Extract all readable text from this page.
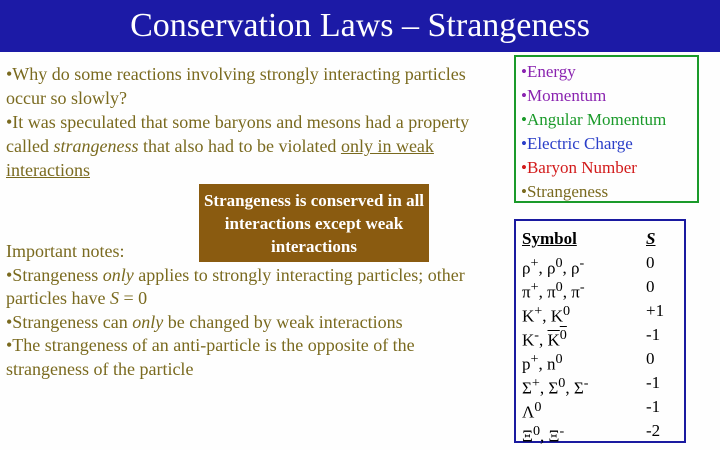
Conservation Laws – Strangeness

•Why do some reactions involving strongly interacting particles occur so slowly?

•It was speculated that some baryons and mesons had a property called strangeness that also had to be violated only in weak interactions

Strangeness is conserved in all interactions except weak interactions

Important notes:

•Strangeness only applies to strongly interacting particles; other particles have S = 0

•Strangeness can only be changed by weak interactions

•The strangeness of an anti-particle is the opposite of the strangeness of the particle

•Energy
•Momentum
•Angular Momentum
•Electric Charge
•Baryon Number
•Strangeness
Symbol	S
ρ+, $\rho^0$, ρ-	0
π+, $\pi^0$, π-	0
K+, $K^0$	+1
K-, $\overline{K}^0$	-1
p+, $n^0$	0
Σ+, $\Sigma^0$, Σ-	-1
$\Lambda^0$	-1
$\Xi^0$, Ξ-	-2
